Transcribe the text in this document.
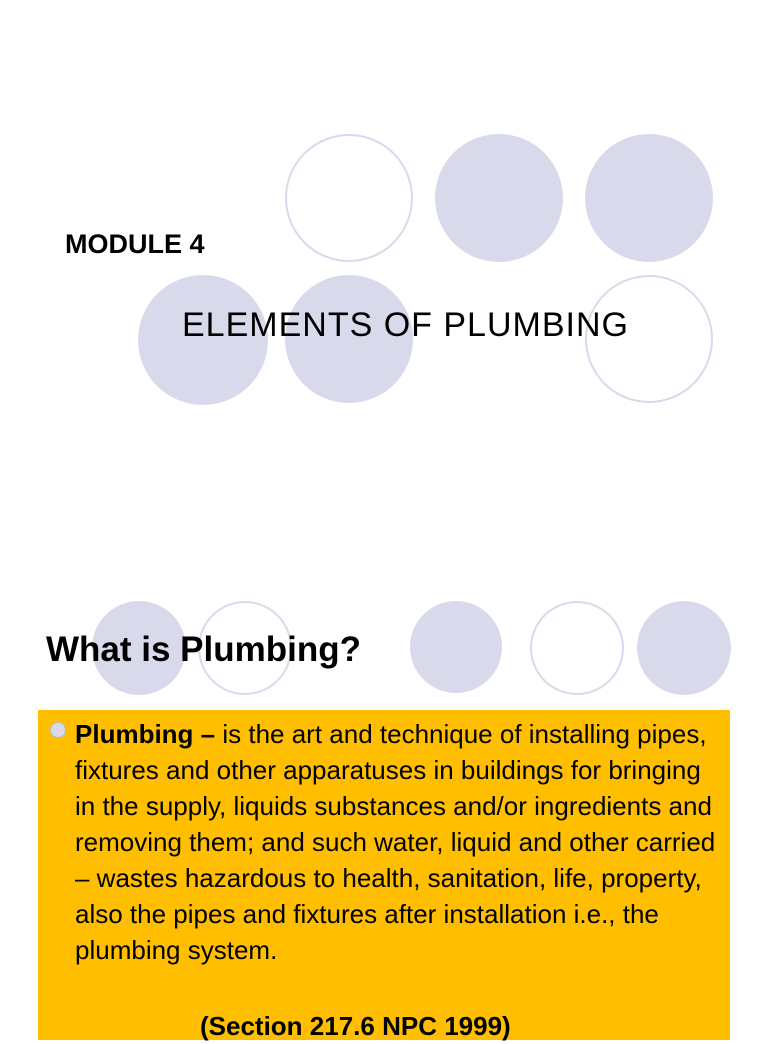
MODULE 4
ELEMENTS OF PLUMBING
What is Plumbing?
Plumbing – is the art and technique of installing pipes, fixtures and other apparatuses in buildings for bringing in the supply, liquids substances and/or ingredients and removing them; and such water, liquid and other carried – wastes hazardous to health, sanitation, life, property, also the pipes and fixtures after installation i.e., the plumbing system.
(Section 217.6 NPC 1999)
